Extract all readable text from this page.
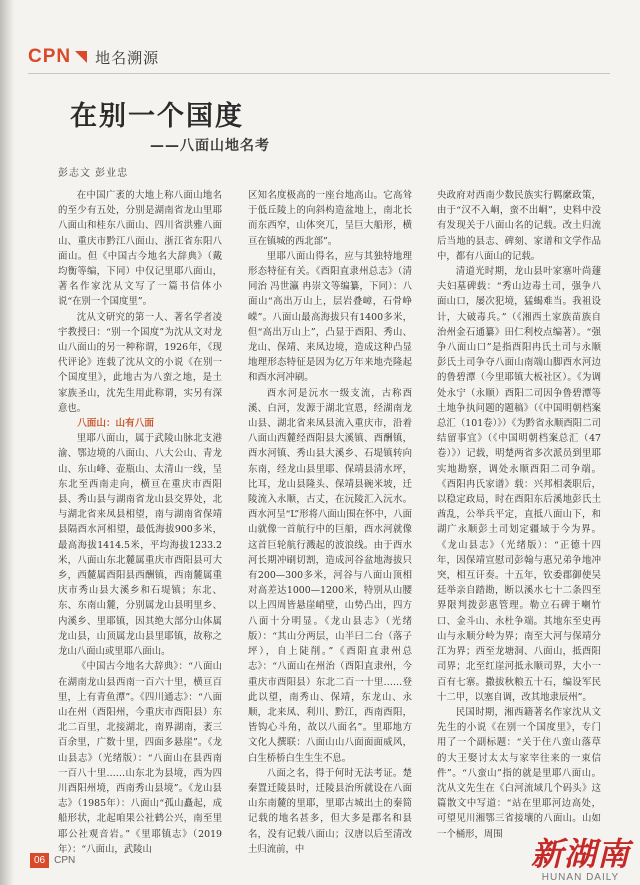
CPN 地名溯源
在别一个国度
——八面山地名考
彭志文 彭业忠

在中国广袤的大地上称八面山地名的至少有五处，分别是湖南省龙山里耶八面山和桂东八面山、四川省洪雅八面山、重庆市黔江八面山、浙江省东阳八面山。但《中国古今地名大辞典》（戴均衡等编，下同）中仅记里耶八面山，著名作家沈从文写了一篇书信体小说“在别一个国度里”。

沈从文研究的第一人、著名学者凌宇教授曰：“别一个国度”为沈从文对龙山八面山的另一种称谓，1926年，《现代评论》连载了沈从文的小说《在别一个国度里》，此地古为八蛮之地，是土家族圣山，沈先生用此称谓，实另有深意也。

八面山：山有八面

里耶八面山，属于武陵山脉北支港渝、鄂边境的八面山、八大公山、青龙山、东山峰、壶瓶山、太清山一线，呈东北至西南走向，横亘在重庆市酉阳县、秀山县与湖南省龙山县交界处，北与湖北省来凤县相望，南与湖南省保靖县隔酉水河相望，最低海拔900多米，最高海拔1414.5米，平均海拔1233.2米，八面山东北麓属重庆市酉阳县可大乡，西麓属酉阳县西酬镇，西南麓属重庆市秀山县大溪乡和石堤镇；东北、东、东南山麓，分别属龙山县明里乡、内溪乡、里耶镇，因其绝大部分山体属龙山县，山顶属龙山县里耶镇，故称之龙山八面山或里耶八面山。

《中国古今地名大辞典》：“八面山在湖南龙山县西南一百六十里，横亘百里，上有青鱼潭”。《四川通志》：“八面山在州（酉阳州，今重庆市酉阳县）东北二百里，北接湖北，南界湖南，袤三百余里，广数十里，四面多悬崖”。《龙山县志》（光绪版）：“八面山在县西南一百八十里……山东北为县境，西为四川酉阳州境，西南秀山县境”。《龙山县志》（1985年）：八面山“孤山矗起，成船形状，北起咱果公社鹤公兴，南至里耶公社观音岩。”《里耶镇志》（2019年）：“八面山，武陵山

区知名度极高的一座台地高山。它高耸于低丘陵上的向斜构造盆地上，南北长而东西窄，山体突兀，呈巨大船形，横亘在镇城的西北部”。

里耶八面山得名，应与其独特地理形态特征有关。《酉阳直隶州总志》（清同治 冯世瀛 冉崇文等编纂，下同）：八面山“高出万山上，层岩叠嶂，石骨峥嵘”。八面山最高海拔只有1400多米，但“高出万山上”，凸显于酉阳、秀山、龙山、保靖、来凤边境，造成这种凸显地理形态特征是因为亿万年来地壳隆起和酉水河冲刷。

酉水河是沅水一级支流，古称酉溪、白河，发源于湖北宣恩，经湖南龙山县、湖北省来凤县流入重庆市，沿着八面山西麓经酉阳县大溪镇、酉酬镇，酉水河镇、秀山县大溪乡、石堤镇转向东南，经龙山县里耶、保靖县清水坪，比耳，龙山县隆头、保靖县碗米坡，迁陵流入永顺，古丈，在沅陵汇入沅水。酉水河呈“L”形将八面山围在怀中，八面山就像一首航行中的巨船，酉水河就像这首巨轮航行溅起的波浪线。由于酉水河长期冲刷切割，造成河谷盆地海拔只有200—300多米，河谷与八面山顶相对高差达1000—1200米，特别从山腰以上四周皆悬崖峭壁，山势凸出，四方八面十分明显。《龙山县志》（光绪版）：“其山分两层，山半曰二台（落子坪），自上陡削。”《酉阳直隶州总志》：“八面山在州治（酉阳直隶州，今重庆市酉阳县）东北二百一十里……登此以望，南秀山、保靖，东龙山、永顺，北来凤、利川、黔江，西南酉阳，皆钩心斗角，故以八面名”。里耶地方文化人撰联：八面山山八面面面威风，白生桥桥白生生生不息。

八面之名，得于何时无法考证。楚秦置迁陵县时，迁陵县治所就设在八面山东南麓的里耶，里耶古城出土的秦简记载的地名甚多，但大多是郡名和县名，没有记载八面山；汉唐以后至清改土归流前，中

央政府对西南少数民族实行羁縻政策，由于“汉不入峒，蛮不出峒”，史料中没有发现关于八面山名的记载。改土归流后当地的县志、碑刻、家谱和文学作品中，都有八面山的记载。

清道光时期，龙山县叶家寨叶尚蘧夫妇墓碑载：“秀山边毒土司，强争八面山口，屡次犯境，猛蝎难当。我祖设计，大破毒兵。”（《湘西土家族苗族自治州金石通纂》田仁利校点编著）。“强争八面山口”是指酉阳冉氏土司与永顺彭氏土司争夺八面山南端山脚酉水河边的鲁碧潭（今里耶镇大板社区）。《为调处永宁（永顺）酉阳二司因争鲁碧潭等土地争执问题的题稿》（《中国明朝档案总汇（101卷）》）《为黔省永顺酉阳二司结留事宜》（《中国明朝档案总汇（47卷）》）记载，明楚两省多次派员到里耶实地勘察，调处永顺酉阳二司争端。《酉阳冉氏家谱》载：兴邦相袭职后，以稳定政局，时在酉阳东后溪地彭氏土酋乱，公举兵平定，直抵八面山下，和湖广永顺彭土司划定疆域于今为界。《龙山县志》（光绪版）：“正德十四年，因保靖宣慰司彭翰与惠兄弟争地冲突，相互讦奏。十五年，钦委郡御使吴廷举亲自踏勘，断以溪水七十二条四至界限判拨彭惠管理。勒立石碑于喇竹口、金斗山、永杜争端。其地东至史再山与永顺分岭为界；南至大河与保靖分江为界；西至龙塘洞、八面山，抵酉阳司界；北至红崖河抵永顺司界，大小一百有七寨。撒拔秋粮五十石，编设军民十二甲，以塞自调，改其地隶辰州”。

民国时期，湘西籍著名作家沈从文先生的小说《在别一个国度里》，专门用了一个副标题：“关于住八蛮山落草的大王娶讨太太与家宰往来的一束信件”。“八蛮山”指的就是里耶八面山。沈从文先生在《白河流域几个码头》这篇散文中写道：“站在里耶河边高处，可望见川湘鄂三省接壤的八面山。山如一个桶形，周围

06 CPN	新湖南
HUNAN DAILY
